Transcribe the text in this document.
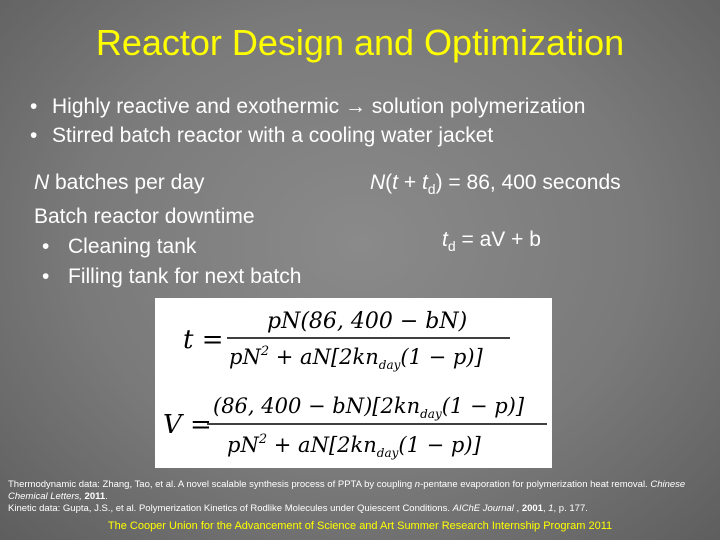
Reactor Design and Optimization
• Highly reactive and exothermic → solution polymerization
• Stirred batch reactor with a cooling water jacket
N batches per day
Batch reactor downtime
• Cleaning tank
• Filling tank for next batch
$N(t + t_d) = 86$, 400 seconds
$t_d$ = aV + b
t =
pN(86, 400 − bN)
$pN^2 + aN[2kn_{day}(1 - p)]$
V =
(86, $400 - bN)[2kn_{day}(1 - p)]$
$pN^2 + aN[2kn_{day}(1 - p)]$
Thermodynamic data: Zhang, Tao, et al. A novel scalable synthesis process of PPTA by coupling n-pentane evaporation for polymerization heat removal. Chinese Chemical Letters, 2011.
Kinetic data: Gupta, J.S., et al. Polymerization Kinetics of Rodlike Molecules under Quiescent Conditions. AIChE Journal , 2001, 1, p. 177.
The Cooper Union for the Advancement of Science and Art Summer Research Internship Program 2011
